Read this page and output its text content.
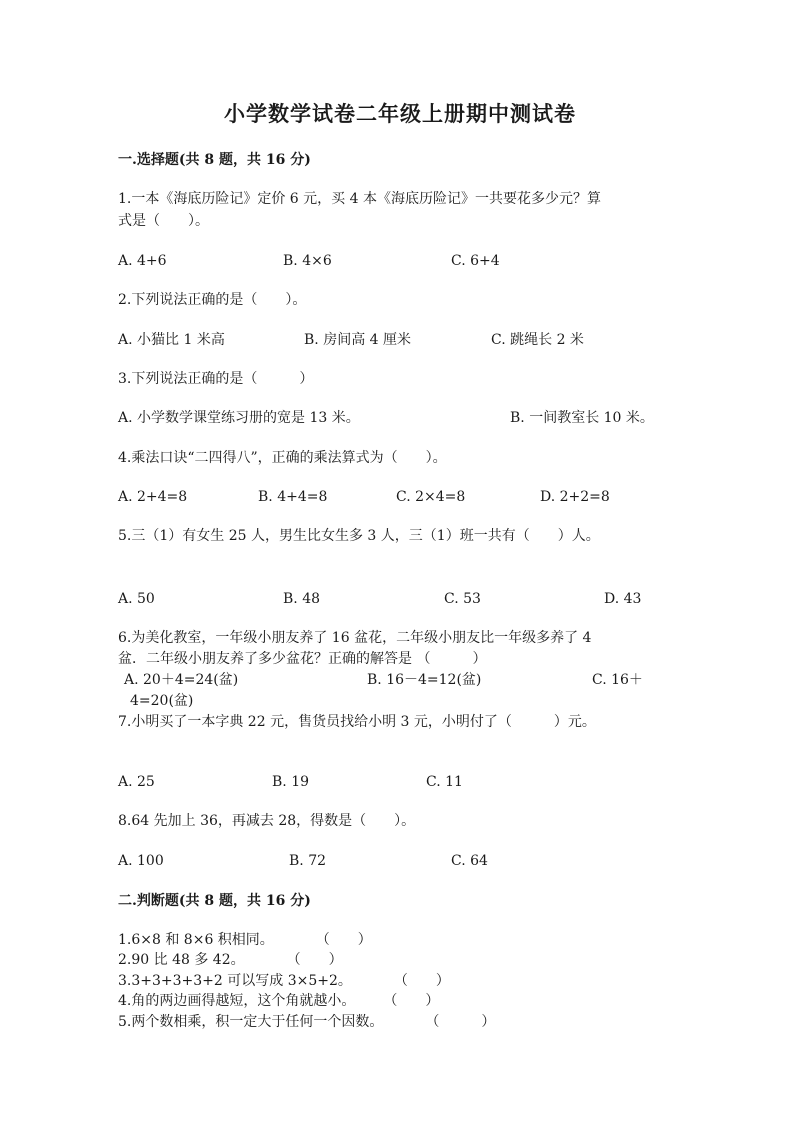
小学数学试卷二年级上册期中测试卷
一.选择题(共 8 题，共 16 分)
1.一本《海底历险记》定价 6 元，买 4 本《海底历险记》一共要花多少元？算
式是（　　）。
A. 4+6	B. 4×6	C. 6+4
2.下列说法正确的是（　　）。
A. 小猫比 1 米高	B. 房间高 4 厘米	C. 跳绳长 2 米
3.下列说法正确的是（　　　）
A. 小学数学课堂练习册的宽是 13 米。	B. 一间教室长 10 米。
4.乘法口诀“二四得八”，正确的乘法算式为（　　）。
A. 2+4=8	B. 4+4=8	C. 2×4=8	D. 2+2=8
5.三（1）有女生 25 人，男生比女生多 3 人，三（1）班一共有（　　）人。
A. 50	B. 48	C. 53	D. 43
6.为美化教室，一年级小朋友养了 16 盆花，二年级小朋友比一年级多养了 4
盆．二年级小朋友养了多少盆花？正确的解答是 （　　　）
A. 20＋4=24(盆)	B. 16－4=12(盆)	C. 16＋
4=20(盆)
7.小明买了一本字典 22 元，售货员找给小明 3 元，小明付了（　　　）元。
A. 25	B. 19	C. 11
8.64 先加上 36，再减去 28，得数是（　　）。
A. 100	B. 72	C. 64
二.判断题(共 8 题，共 16 分)
1.6×8 和 8×6 积相同。　　　　（　　）
2.90 比 48 多 42。　　　　（　　）
3.3+3+3+3+2 可以写成 3×5+2。　　　　（　　）
4.角的两边画得越短，这个角就越小。　　　（　　）
5.两个数相乘，积一定大于任何一个因数。　　　　（　　　）
